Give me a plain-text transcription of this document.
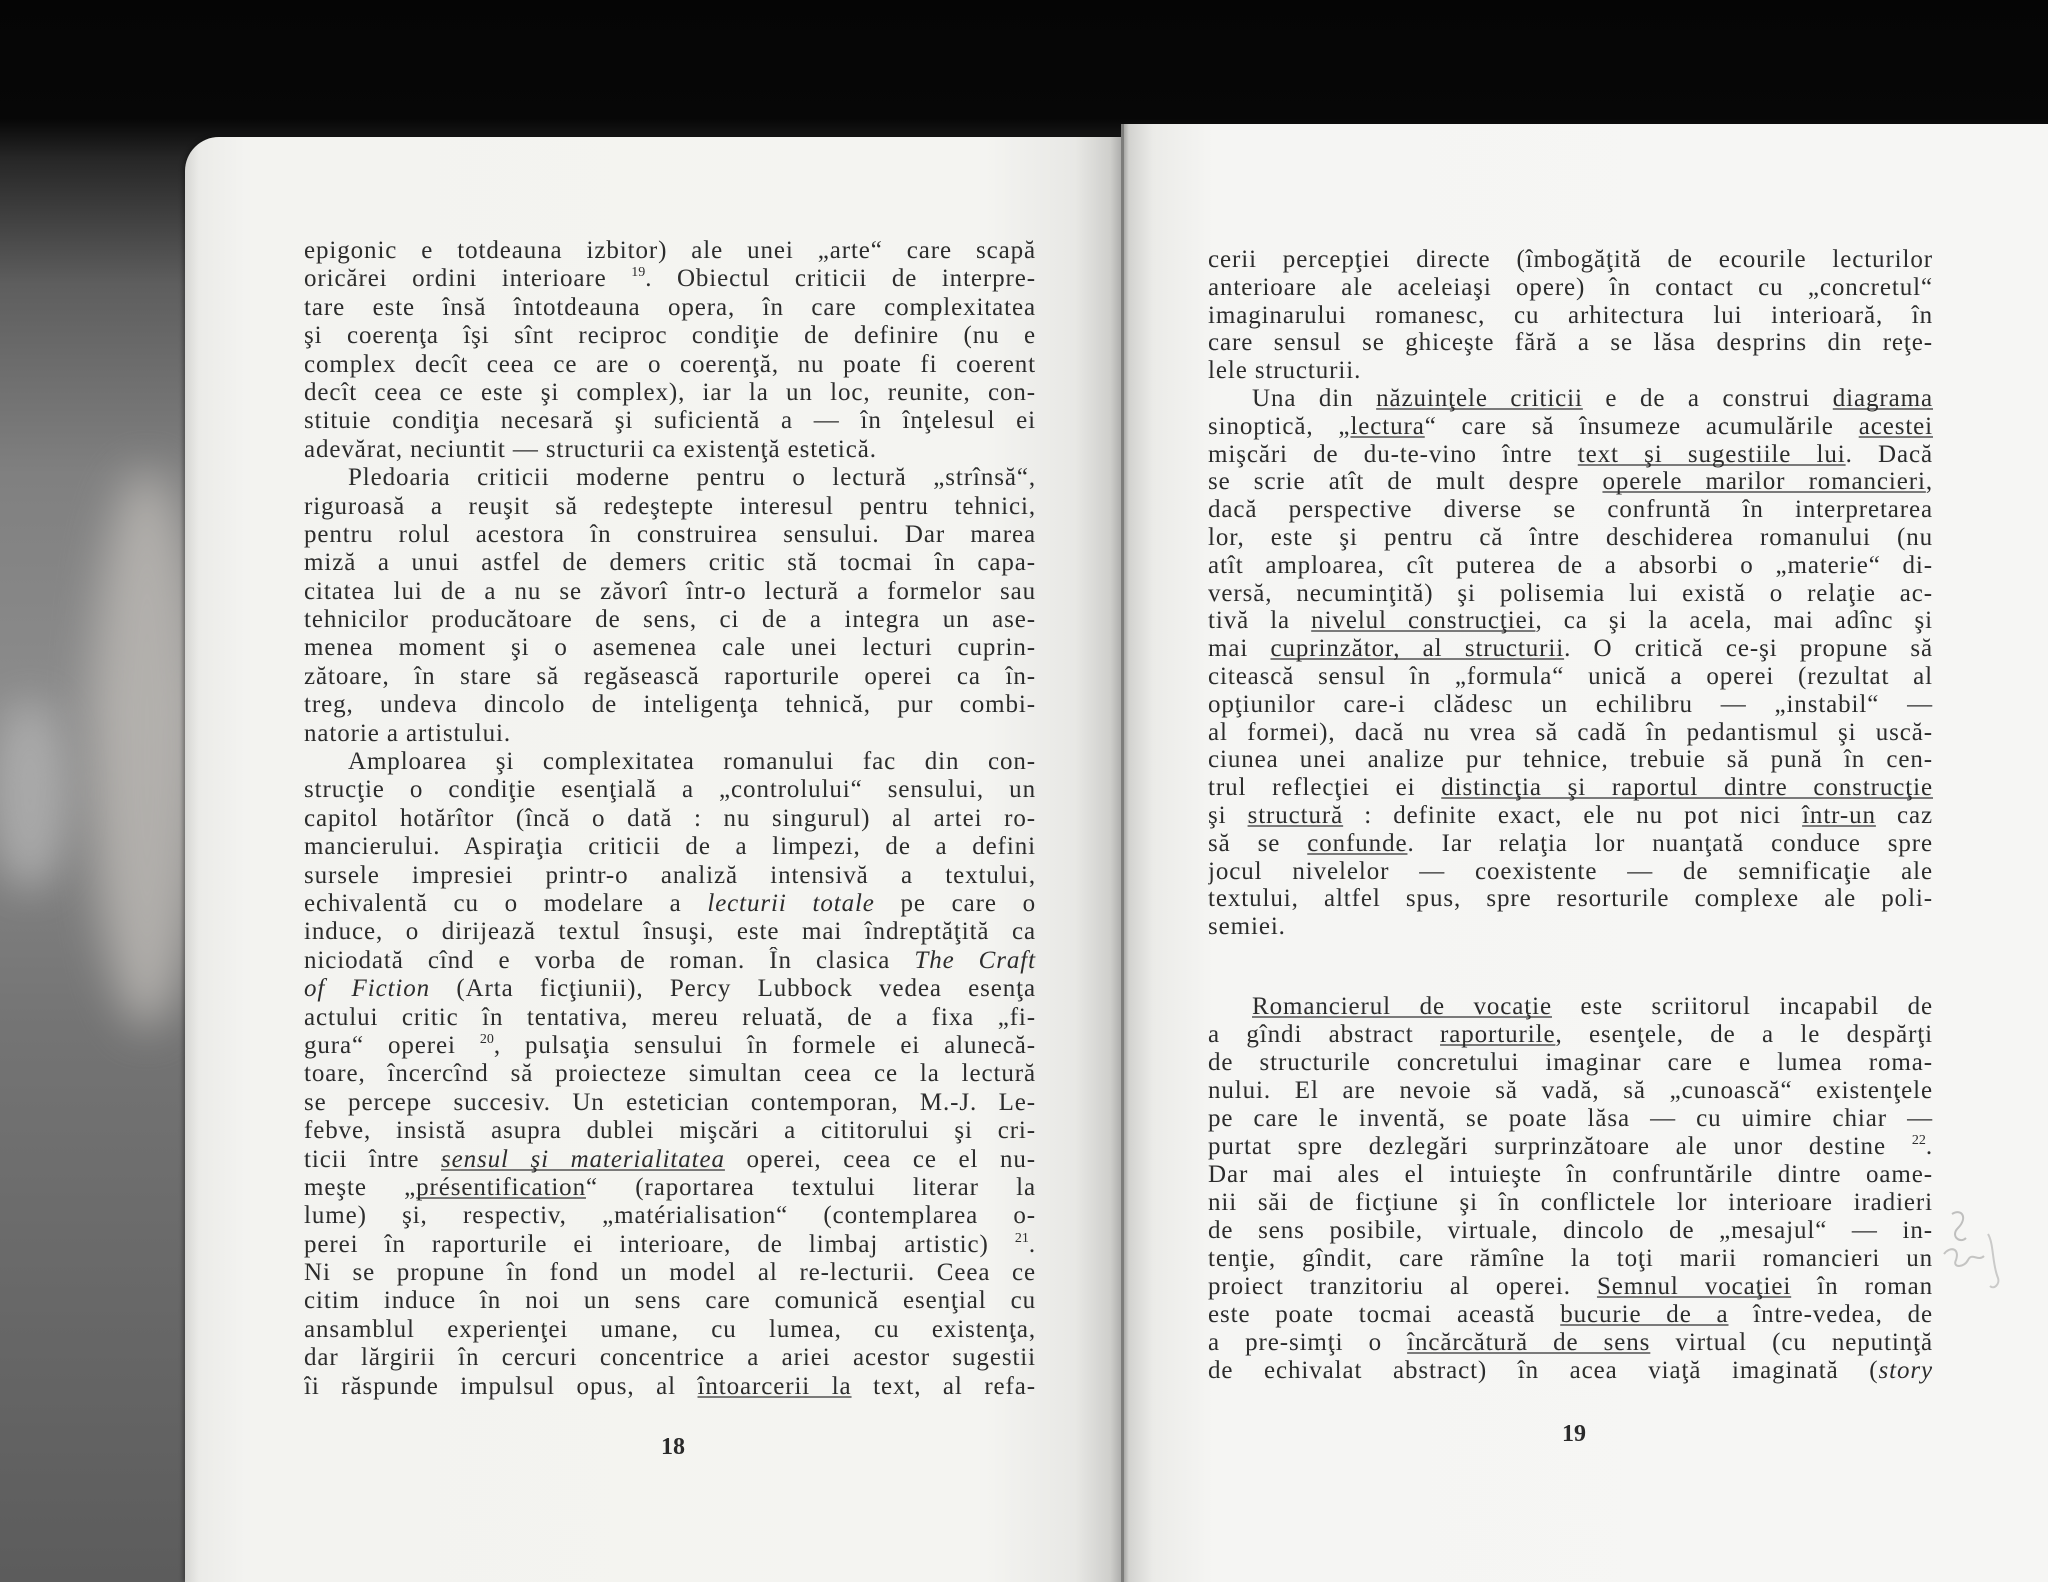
epigonic e totdeauna izbitor) ale unei „arte“ care scapă
oricărei ordini interioare $^{19}$. Obiectul criticii de interpre-
tare este însă întotdeauna opera, în care complexitatea
şi coerenţa îşi sînt reciproc condiţie de definire (nu e
complex decît ceea ce are o coerenţă, nu poate fi coerent
decît ceea ce este şi complex), iar la un loc, reunite, con-
stituie condiţia necesară şi suficientă a — în înţelesul ei
adevărat, neciuntit — structurii ca existenţă estetică.
Pledoaria criticii moderne pentru o lectură „strînsă“,
riguroasă a reuşit să redeştepte interesul pentru tehnici,
pentru rolul acestora în construirea sensului. Dar marea
miză a unui astfel de demers critic stă tocmai în capa-
citatea lui de a nu se zăvorî într-o lectură a formelor sau
tehnicilor producătoare de sens, ci de a integra un ase-
menea moment şi o asemenea cale unei lecturi cuprin-
zătoare, în stare să regăsească raporturile operei ca în-
treg, undeva dincolo de inteligenţa tehnică, pur combi-
natorie a artistului.
Amploarea şi complexitatea romanului fac din con-
strucţie o condiţie esenţială a „controlului“ sensului, un
capitol hotărîtor (încă o dată : nu singurul) al artei ro-
mancierului. Aspiraţia criticii de a limpezi, de a defini
sursele impresiei printr-o analiză intensivă a textului,
echivalentă cu o modelare a lecturii totale pe care o
induce, o dirijează textul însuşi, este mai îndreptăţită ca
niciodată cînd e vorba de roman. În clasica The Craft
of Fiction (Arta ficţiunii), Percy Lubbock vedea esenţa
actului critic în tentativa, mereu reluată, de a fixa „fi-
gura“ operei $^{20}$, pulsaţia sensului în formele ei alunecă-
toare, încercînd să proiecteze simultan ceea ce la lectură
se percepe succesiv. Un estetician contemporan, M.-J. Le-
febve, insistă asupra dublei mişcări a cititorului şi cri-
ticii între sensul şi materialitatea operei, ceea ce el nu-
meşte „présentification“ (raportarea textului literar la
lume) şi, respectiv, „matérialisation“ (contemplarea o-
perei în raporturile ei interioare, de limbaj artistic) $^{21}$.
Ni se propune în fond un model al re-lecturii. Ceea ce
citim induce în noi un sens care comunică esenţial cu
ansamblul experienţei umane, cu lumea, cu existenţa,
dar lărgirii în cercuri concentrice a ariei acestor sugestii
îi răspunde impulsul opus, al întoarcerii la text, al refa-
18
cerii percepţiei directe (îmbogăţită de ecourile lecturilor
anterioare ale aceleiaşi opere) în contact cu „concretul“
imaginarului romanesc, cu arhitectura lui interioară, în
care sensul se ghiceşte fără a se lăsa desprins din reţe-
lele structurii.
Una din năzuinţele criticii e de a construi diagrama
sinoptică, „lectura“ care să însumeze acumulările acestei
mişcări de du-te-vino între text şi sugestiile lui. Dacă
se scrie atît de mult despre operele marilor romancieri,
dacă perspective diverse se confruntă în interpretarea
lor, este şi pentru că între deschiderea romanului (nu
atît amploarea, cît puterea de a absorbi o „materie“ di-
versă, necuminţită) şi polisemia lui există o relaţie ac-
tivă la nivelul construcţiei, ca şi la acela, mai adînc şi
mai cuprinzător, al structurii. O critică ce-şi propune să
citească sensul în „formula“ unică a operei (rezultat al
opţiunilor care-i clădesc un echilibru — „instabil“ —
al formei), dacă nu vrea să cadă în pedantismul şi uscă-
ciunea unei analize pur tehnice, trebuie să pună în cen-
trul reflecţiei ei distincţia şi raportul dintre construcţie
şi structură : definite exact, ele nu pot nici într-un caz
să se confunde. Iar relaţia lor nuanţată conduce spre
jocul nivelelor — coexistente — de semnificaţie ale
textului, altfel spus, spre resorturile complexe ale poli-
semiei.
Romancierul de vocaţie este scriitorul incapabil de
a gîndi abstract raporturile, esenţele, de a le despărţi
de structurile concretului imaginar care e lumea roma-
nului. El are nevoie să vadă, să „cunoască“ existenţele
pe care le inventă, se poate lăsa — cu uimire chiar —
purtat spre dezlegări surprinzătoare ale unor destine $^{22}$.
Dar mai ales el intuieşte în confruntările dintre oame-
nii săi de ficţiune şi în conflictele lor interioare iradieri
de sens posibile, virtuale, dincolo de „mesajul“ — in-
tenţie, gîndit, care rămîne la toţi marii romancieri un
proiect tranzitoriu al operei. Semnul vocaţiei în roman
este poate tocmai această bucurie de a între-vedea, de
a pre-simţi o încărcătură de sens virtual (cu neputinţă
de echivalat abstract) în acea viaţă imaginată (story
19
